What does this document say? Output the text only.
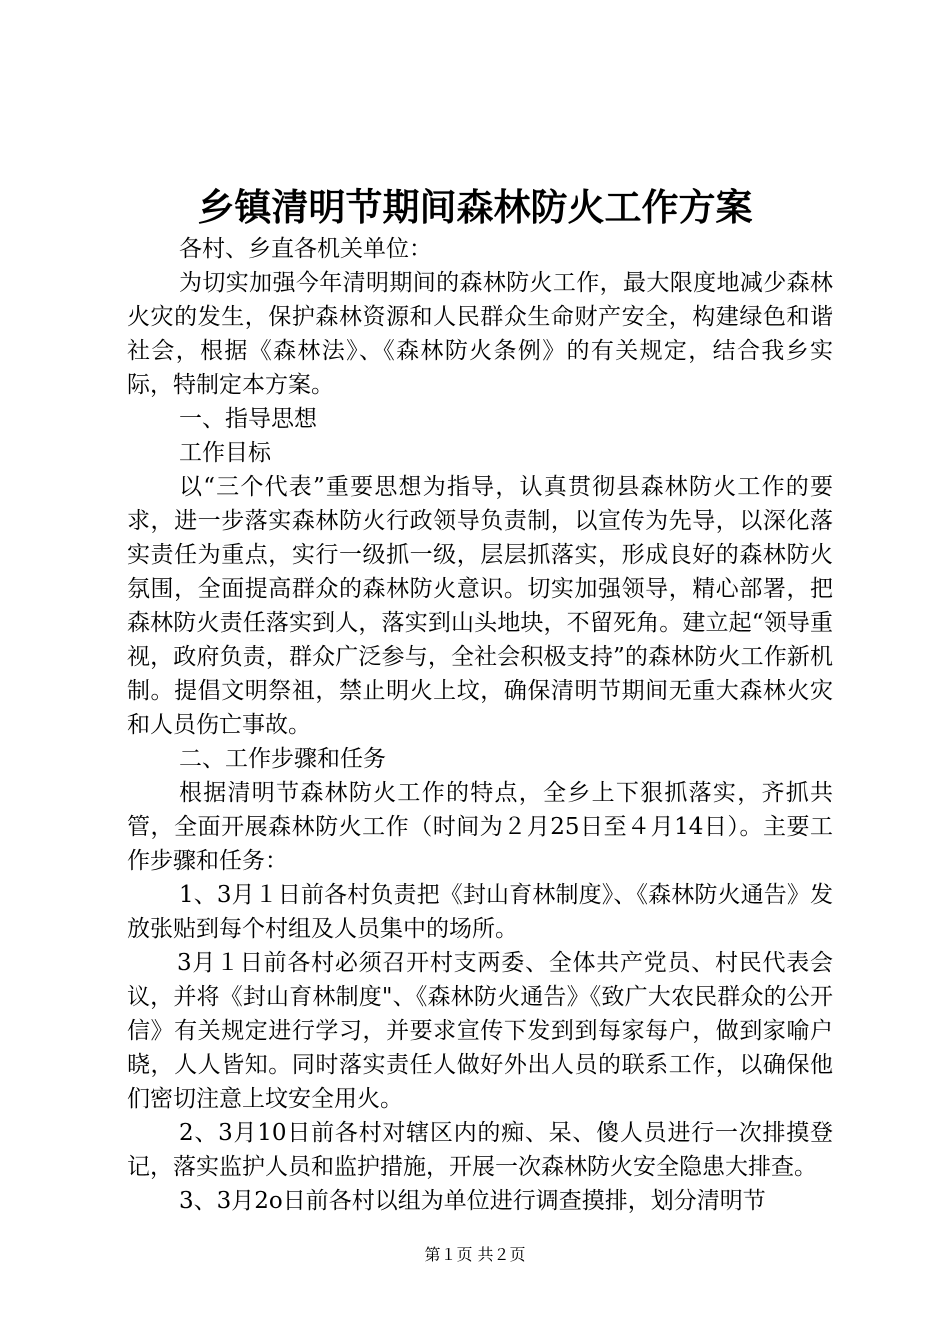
乡镇清明节期间森林防火工作方案

各村、乡直各机关单位：

为切实加强今年清明期间的森林防火工作，最大限度地减少森林火灾的发生，保护森林资源和人民群众生命财产安全，构建绿色和谐社会，根据《森林法》、《森林防火条例》的有关规定，结合我乡实际，特制定本方案。

一、指导思想

工作目标

以“三个代表”重要思想为指导，认真贯彻县森林防火工作的要求，进一步落实森林防火行政领导负责制，以宣传为先导，以深化落实责任为重点，实行一级抓一级，层层抓落实，形成良好的森林防火氛围，全面提高群众的森林防火意识。切实加强领导，精心部署，把森林防火责任落实到人，落实到山头地块，不留死角。建立起“领导重视，政府负责，群众广泛参与，全社会积极支持”的森林防火工作新机制。提倡文明祭祖，禁止明火上坟，确保清明节期间无重大森林火灾和人员伤亡事故。

二、工作步骤和任务

根据清明节森林防火工作的特点，全乡上下狠抓落实，齐抓共管，全面开展森林防火工作（时间为２月25日至４月14日）。主要工作步骤和任务：

1、3月１日前各村负责把《封山育林制度》、《森林防火通告》发放张贴到每个村组及人员集中的场所。

3月１日前各村必须召开村支两委、全体共产党员、村民代表会议，并将《封山育林制度"、《森林防火通告》《致广大农民群众的公开信》有关规定进行学习，并要求宣传下发到到每家每户，做到家喻户晓，人人皆知。同时落实责任人做好外出人员的联系工作，以确保他们密切注意上坟安全用火。

2、3月10日前各村对辖区内的痴、呆、傻人员进行一次排摸登记，落实监护人员和监护措施，开展一次森林防火安全隐患大排查。

3、3月2o日前各村以组为单位进行调查摸排，划分清明节

第１页 共２页
